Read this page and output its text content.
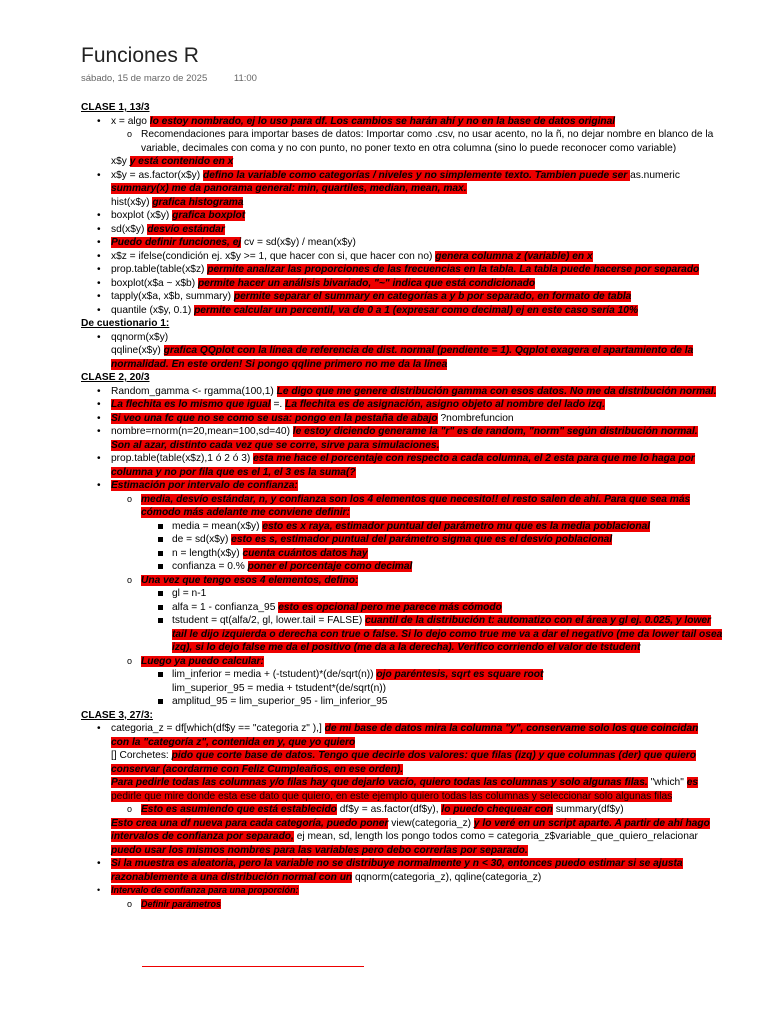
Funciones R
sábado, 15 de marzo de 2025	11:00
CLASE 1, 13/3
• x = algo lo estoy nombrado, ej lo uso para df. Los cambios se harán ahí y no en la base de datos original
o Recomendaciones para importar bases de datos: Importar como .csv, no usar acento, no la ñ, no dejar nombre en blanco de la variable, decimales con coma y no con punto, no poner texto en otra columna (sino lo puede reconocer como variable)
x$y y está contenido en x
• x$y = as.factor(x$y) defino la variable como categorías / niveles y no simplemente texto. Tambien puede ser as.numeric
summary(x) me da panorama general: min, quartiles, median, mean, max.
hist(x$y) grafica histograma
• boxplot (x$y) grafica boxplot
• sd(x$y) desvío estándar
• Puedo definir funciones, ej cv = sd(x$y) / mean(x$y)
• x$z = ifelse(condición ej. x$y >= 1, que hacer con si, que hacer con no) genera columna z (variable) en x
• prop.table(table(x$z) permite analizar las proporciones de las frecuencias en la tabla. La tabla puede hacerse por separado
• boxplot(x$a ~ x$b) permite hacer un análisis bivariado, "~" indica que está condicionado
• tapply(x$a, x$b, summary) permite separar el summary en categorías a y b por separado, en formato de tabla
• quantile (x$y, 0.1) permite calcular un percentil, va de 0 a 1 (expresar como decimal) ej en este caso sería 10%
De cuestionario 1:
• qqnorm(x$y)
qqline(x$y) grafica QQplot con la línea de referencia de dist. normal (pendiente = 1). Qqplot exagera el apartamiento de la
normalidad. En este orden! Si pongo qqline primero no me da la línea
CLASE 2, 20/3
• Random_gamma <- rgamma(100,1) Le digo que me genere distribución gamma con esos datos. No me da distribución normal.
• La flechita es lo mismo que igual =. La flechita es de asignación, asigno objeto al nombre del lado izq.
• Si veo una fc que no se como se usa: pongo en la pestaña de abajo ?nombrefuncion
• nombre=rnorm(n=20,mean=100,sd=40) le estoy diciendo generame la "r" es de random, "norm" según distribución normal.
Son al azar, distinto cada vez que se corre, sirve para simulaciones.
• prop.table(table(x$z),1 ó 2 ó 3) esta me hace el porcentaje con respecto a cada columna, el 2 esta para que me lo haga por
columna y no por fila que es el 1, el 3 es la suma(?
• Estimación por intervalo de confianza:
o media, desvío estándar, n, y confianza son los 4 elementos que necesito!! el resto salen de ahí. Para que sea más
cómodo más adelante me conviene definir:
media = mean(x$y) esto es x raya, estimador puntual del parámetro mu que es la media poblacional
de = sd(x$y) esto es s, estimador puntual del parámetro sigma que es el desvío poblacional
n = length(x$y) cuenta cuántos datos hay
confianza = 0.% poner el porcentaje como decimal
o Una vez que tengo esos 4 elementos, defino:
gl = n-1
alfa = 1 - confianza_95 esto es opcional pero me parece más cómodo
tstudent = qt(alfa/2, gl, lower.tail = FALSE) cuantil de la distribución t: automatizo con el área y gl ej. 0.025, y lower
tail le dijo izquierda o derecha con true o false. Si lo dejo como true me va a dar el negativo (me da lower tail osea
izq), si lo dejo false me da el positivo (me da a la derecha). Verifico corriendo el valor de tstudent
o Luego ya puedo calcular:
lim_inferior = media + (-tstudent)*(de/sqrt(n)) ojo paréntesis, sqrt es square root
lim_superior_95 = media + tstudent*(de/sqrt(n))
amplitud_95 = lim_superior_95 - lim_inferior_95
CLASE 3, 27/3:
• categoria_z = df[which(df$y == "categoria z" ),] de mi base de datos mira la columna "y", conservame solo los que coincidan
con la "categoría z", contenida en y, que yo quiero
[] Corchetes: pido que corte base de datos. Tengo que decirle dos valores: que filas (izq) y que columnas (der) que quiero
conservar (acordarme con Feliz Cumpleaños, en ese orden).
Para pedirle todas las columnas y/o filas hay que dejarlo vacío, quiero todas las columnas y solo algunas filas. "which" es
pedirle que mire donde esta ese dato que quiero, en este ejemplo quiero todas las columnas y seleccionar solo algunas filas
o Esto es asumiendo que está establecido df$y = as.factor(df$y), lo puedo chequear con summary(df$y)
Esto crea una df nueva para cada categoría, puedo poner view(categoria_z) y lo veré en un script aparte. A partir de ahí hago
intervalos de confianza por separado, ej mean, sd, length los pongo todos como = categoria_z$variable_que_quiero_relacionar
puedo usar los mismos nombres para las variables pero debo correrlas por separado.
• Si la muestra es aleatoria, pero la variable no se distribuye normalmente y n < 30, entonces puedo estimar si se ajusta
razonablemente a una distribución normal con un qqnorm(categoria_z), qqline(categoria_z)
• Intervalo de confianza para una proporción:
o Definir parámetros
